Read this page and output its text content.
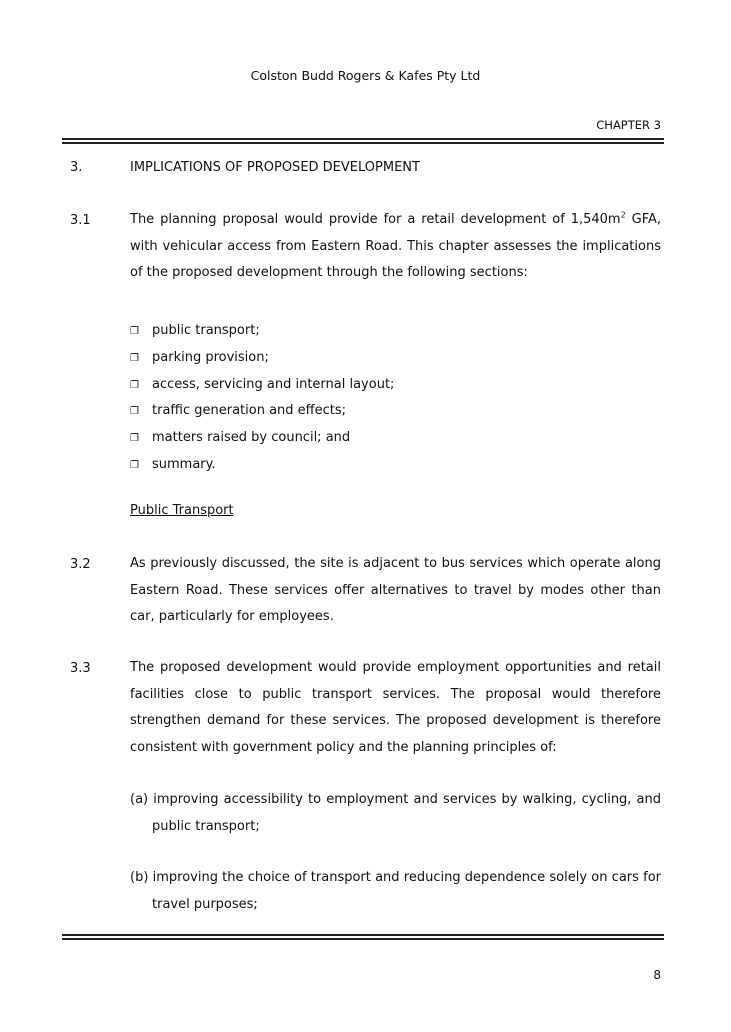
Colston Budd Rogers & Kafes Pty Ltd
CHAPTER 3
3.	IMPLICATIONS OF PROPOSED DEVELOPMENT
3.1	The planning proposal would provide for a retail development of $1,540m^2$ GFA, with vehicular access from Eastern Road. This chapter assesses the implications of the proposed development through the following sections:
❐ public transport;
❐ parking provision;
❐ access, servicing and internal layout;
❐ traffic generation and effects;
❐ matters raised by council; and
❐ summary.
Public Transport
3.2	As previously discussed, the site is adjacent to bus services which operate along Eastern Road. These services offer alternatives to travel by modes other than car, particularly for employees.
3.3	The proposed development would provide employment opportunities and retail facilities close to public transport services. The proposal would therefore strengthen demand for these services. The proposed development is therefore consistent with government policy and the planning principles of:
(a) improving accessibility to employment and services by walking, cycling, and
public transport;
(b) improving the choice of transport and reducing dependence solely on cars for
travel purposes;
8
